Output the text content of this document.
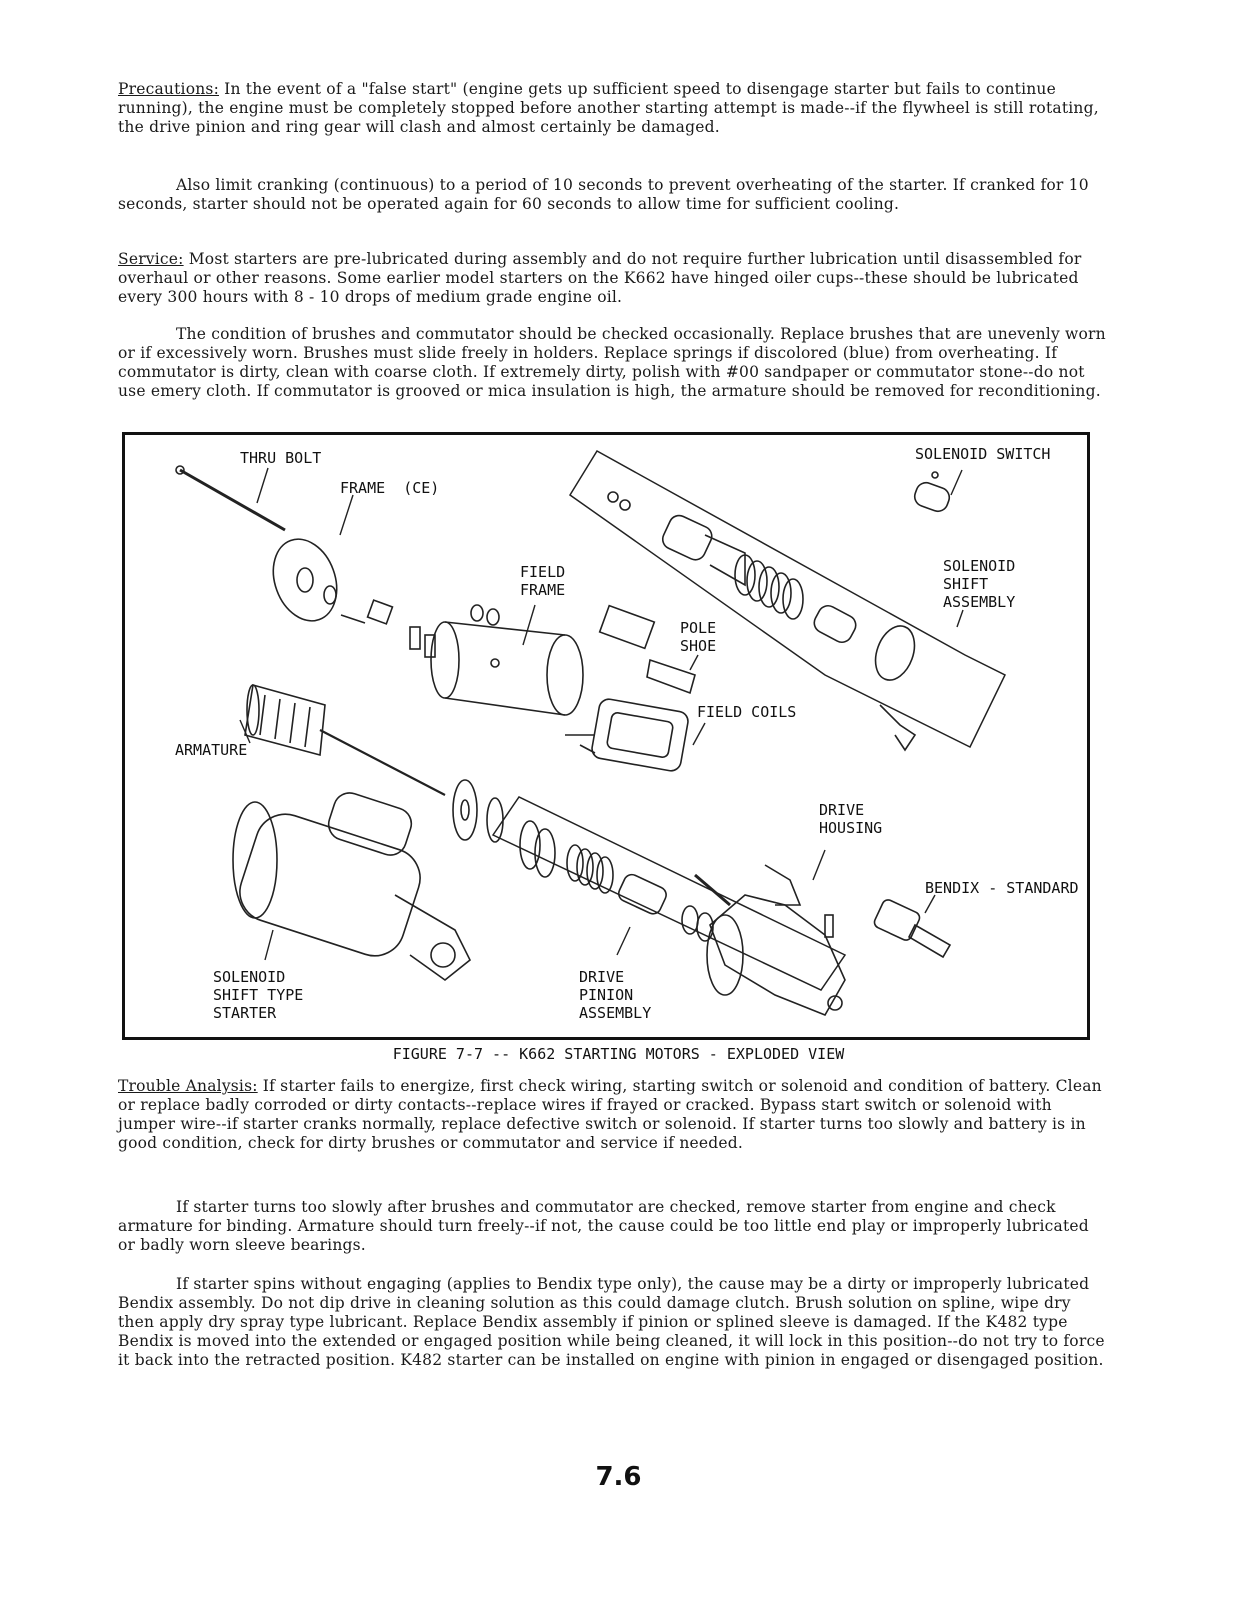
Precautions: In the event of a "false start" (engine gets up sufficient speed to disengage starter but fails to continue running), the engine must be completely stopped before another starting attempt is made--if the flywheel is still rotating, the drive pinion and ring gear will clash and almost certainly be damaged.

Also limit cranking (continuous) to a period of 10 seconds to prevent overheating of the starter. If cranked for 10 seconds, starter should not be operated again for 60 seconds to allow time for sufficient cooling.

Service: Most starters are pre-lubricated during assembly and do not require further lubrication until disassembled for overhaul or other reasons. Some earlier model starters on the K662 have hinged oiler cups--these should be lubricated every 300 hours with 8 - 10 drops of medium grade engine oil.

The condition of brushes and commutator should be checked occasionally. Replace brushes that are unevenly worn or if excessively worn. Brushes must slide freely in holders. Replace springs if discolored (blue) from overheating. If commutator is dirty, clean with coarse cloth. If extremely dirty, polish with #00 sandpaper or commutator stone--do not use emery cloth. If commutator is grooved or mica insulation is high, the armature should be removed for reconditioning.

THRU BOLT
FRAME  (CE)
FIELD
FRAME
POLE
SHOE
FIELD COILS
SOLENOID SWITCH
SOLENOID
SHIFT
ASSEMBLY
ARMATURE
DRIVE
HOUSING
BENDIX - STANDARD
SOLENOID
SHIFT TYPE
STARTER
DRIVE
PINION
ASSEMBLY
FIGURE 7-7 -- K662 STARTING MOTORS - EXPLODED VIEW

Trouble Analysis: If starter fails to energize, first check wiring, starting switch or solenoid and condition of battery. Clean or replace badly corroded or dirty contacts--replace wires if frayed or cracked. Bypass start switch or solenoid with jumper wire--if starter cranks normally, replace defective switch or solenoid. If starter turns too slowly and battery is in good condition, check for dirty brushes or commutator and service if needed.

If starter turns too slowly after brushes and commutator are checked, remove starter from engine and check armature for binding. Armature should turn freely--if not, the cause could be too little end play or improperly lubricated or badly worn sleeve bearings.

If starter spins without engaging (applies to Bendix type only), the cause may be a dirty or improperly lubricated Bendix assembly. Do not dip drive in cleaning solution as this could damage clutch. Brush solution on spline, wipe dry then apply dry spray type lubricant. Replace Bendix assembly if pinion or splined sleeve is damaged. If the K482 type Bendix is moved into the extended or engaged position while being cleaned, it will lock in this position--do not try to force it back into the retracted position. K482 starter can be installed on engine with pinion in engaged or disengaged position.

7.6
